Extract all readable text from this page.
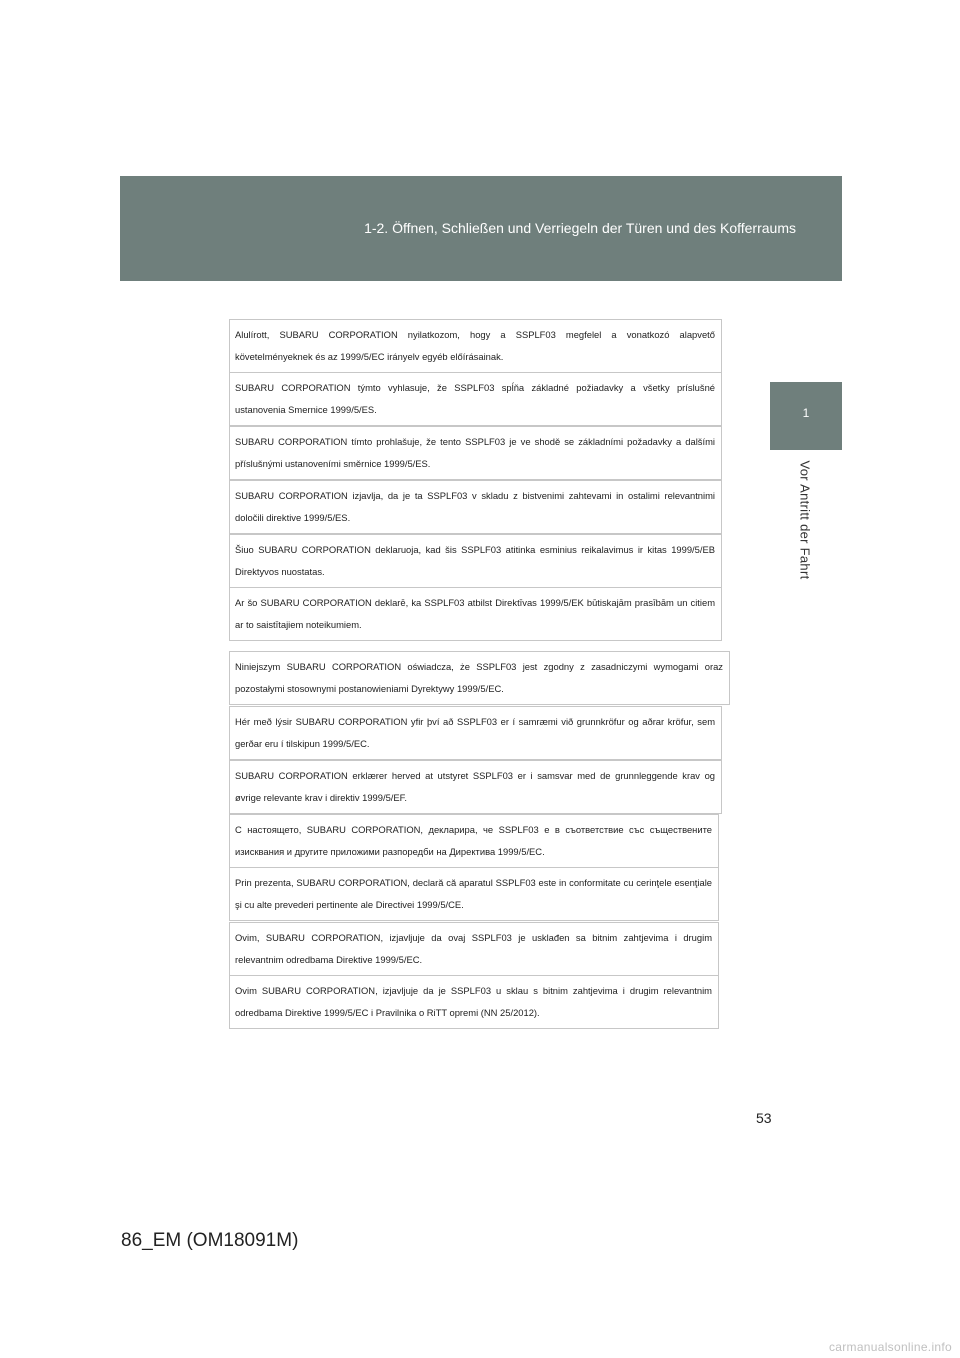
1-2. Öffnen, Schließen und Verriegeln der Türen und des Kofferraums
1
Vor Antritt der Fahrt
Alulírott, SUBARU CORPORATION nyilatkozom, hogy a SSPLF03 megfelel a vonatkozó alapvető követelményeknek és az 1999/5/EC irányelv egyéb előírásainak.
SUBARU CORPORATION týmto vyhlasuje, že SSPLF03 spĺňa základné požiadavky a všetky príslušné ustanovenia Smernice 1999/5/ES.
SUBARU CORPORATION tímto prohlašuje, že tento SSPLF03 je ve shodě se základními požadavky a dalšími příslušnými ustanoveními směrnice 1999/5/ES.
SUBARU CORPORATION izjavlja, da je ta SSPLF03 v skladu z bistvenimi zahtevami in ostalimi relevantnimi določili direktive 1999/5/ES.
Šiuo SUBARU CORPORATION deklaruoja, kad šis SSPLF03 atitinka esminius reikalavimus ir kitas 1999/5/EB Direktyvos nuostatas.
Ar šo SUBARU CORPORATION deklarē, ka SSPLF03 atbilst Direktīvas 1999/5/EK būtiskajām prasībām un citiem ar to saistītajiem noteikumiem.
Niniejszym SUBARU CORPORATION oświadcza, że SSPLF03 jest zgodny z zasadniczymi wymogami oraz pozostałymi stosownymi postanowieniami Dyrektywy 1999/5/EC.
Hér með lýsir SUBARU CORPORATION yfir því að SSPLF03 er í samræmi við grunnkröfur og aðrar kröfur, sem gerðar eru í tilskipun 1999/5/EC.
SUBARU CORPORATION erklærer herved at utstyret SSPLF03 er i samsvar med de grunnleggende krav og øvrige relevante krav i direktiv 1999/5/EF.
С настоящето, SUBARU CORPORATION, декларира, че SSPLF03 е в съответствие със съществените изисквания и другите приложими разпоредби на Директива 1999/5/ЕС.
Prin prezenta, SUBARU CORPORATION, declară că aparatul SSPLF03 este in conformitate cu cerinţele esenţiale şi cu alte prevederi pertinente ale Directivei 1999/5/CE.
Ovim, SUBARU CORPORATION, izjavljuje da ovaj SSPLF03 je usklađen sa bitnim zahtjevima i drugim relevantnim odredbama Direktive 1999/5/EC.
Ovim SUBARU CORPORATION, izjavljuje da je SSPLF03 u sklau s bitnim zahtjevima i drugim relevantnim odredbama Direktive 1999/5/EC i Pravilnika o RiTT opremi (NN 25/2012).
53
86_EM (OM18091M)
carmanualsonline.info
